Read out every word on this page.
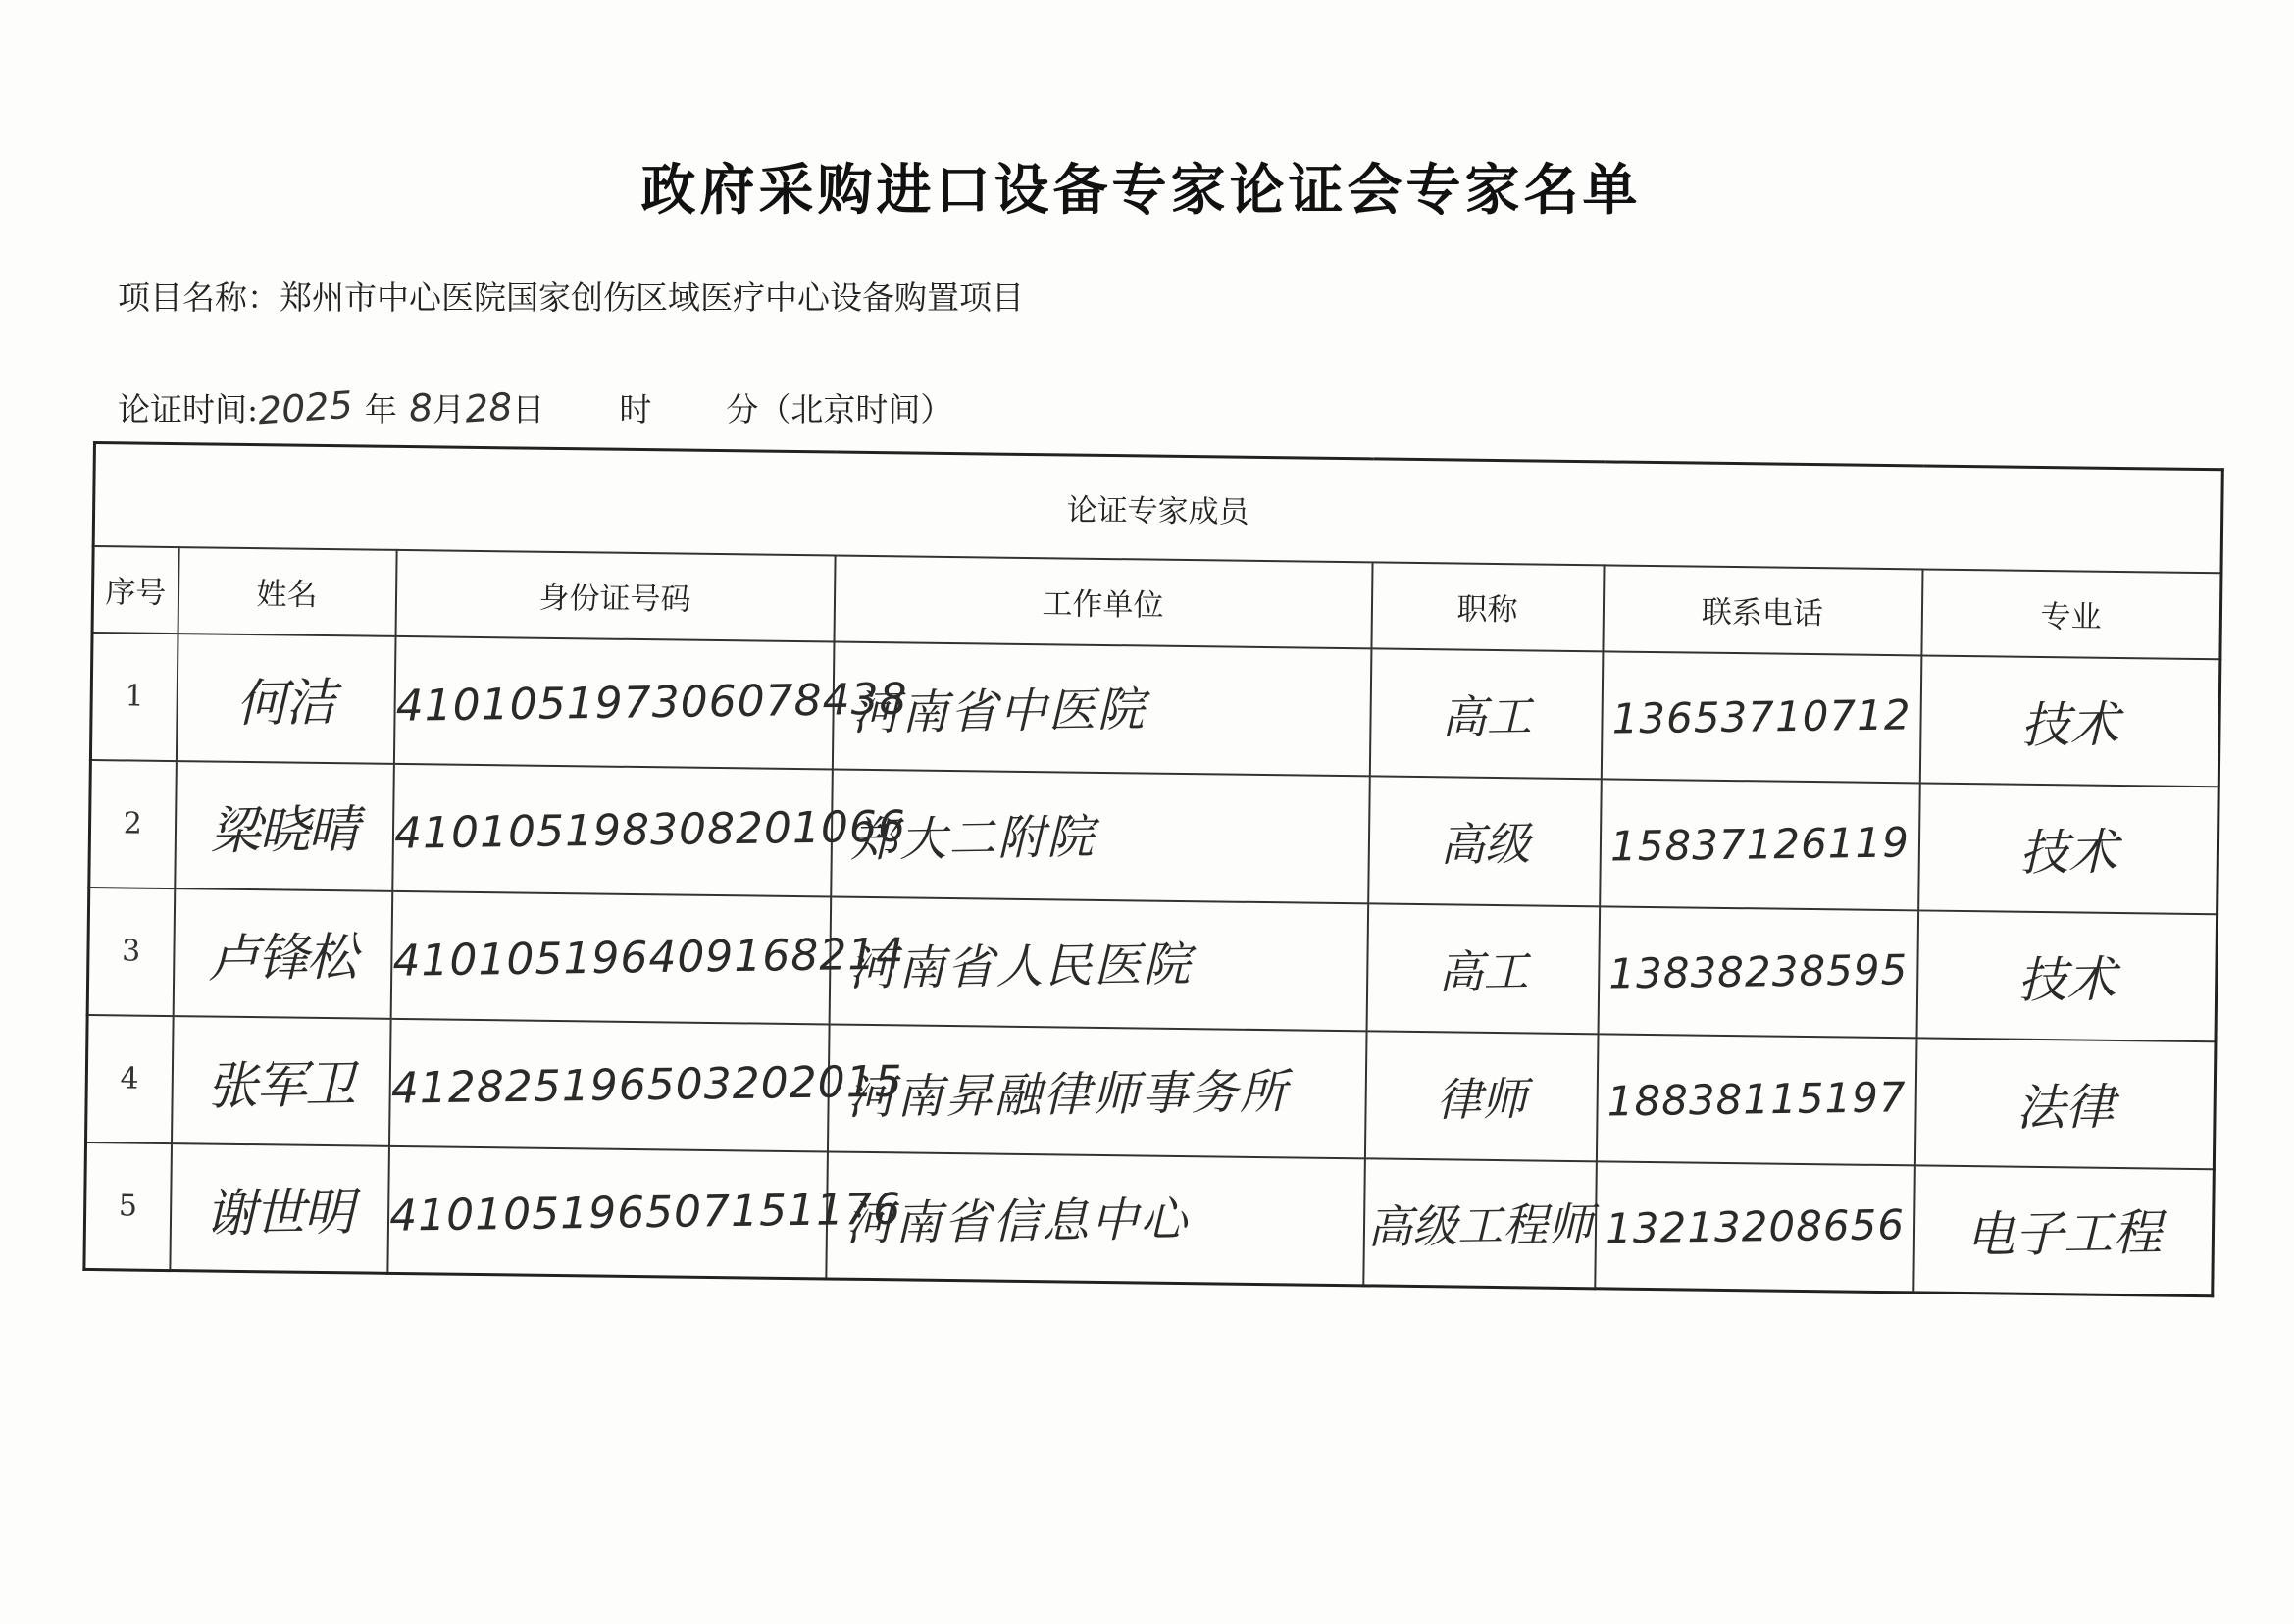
政府采购进口设备专家论证会专家名单
项目名称：郑州市中心医院国家创伤区域医疗中心设备购置项目
论证时间:2025 年 8月28日 时 分（北京时间）
论证专家成员						
序号	姓名	身份证号码	工作单位	职称	联系电话	专业
1	何洁	410105197306078438	河南省中医院	高工	13653710712	技术
2	梁晓晴	410105198308201066	郑大二附院	高级	15837126119	技术
3	卢锋松	410105196409168214	河南省人民医院	高工	13838238595	技术
4	张军卫	412825196503202015	河南昇融律师事务所	律师	18838115197	法律
5	谢世明	410105196507151176	河南省信息中心	高级工程师	13213208656	电子工程
